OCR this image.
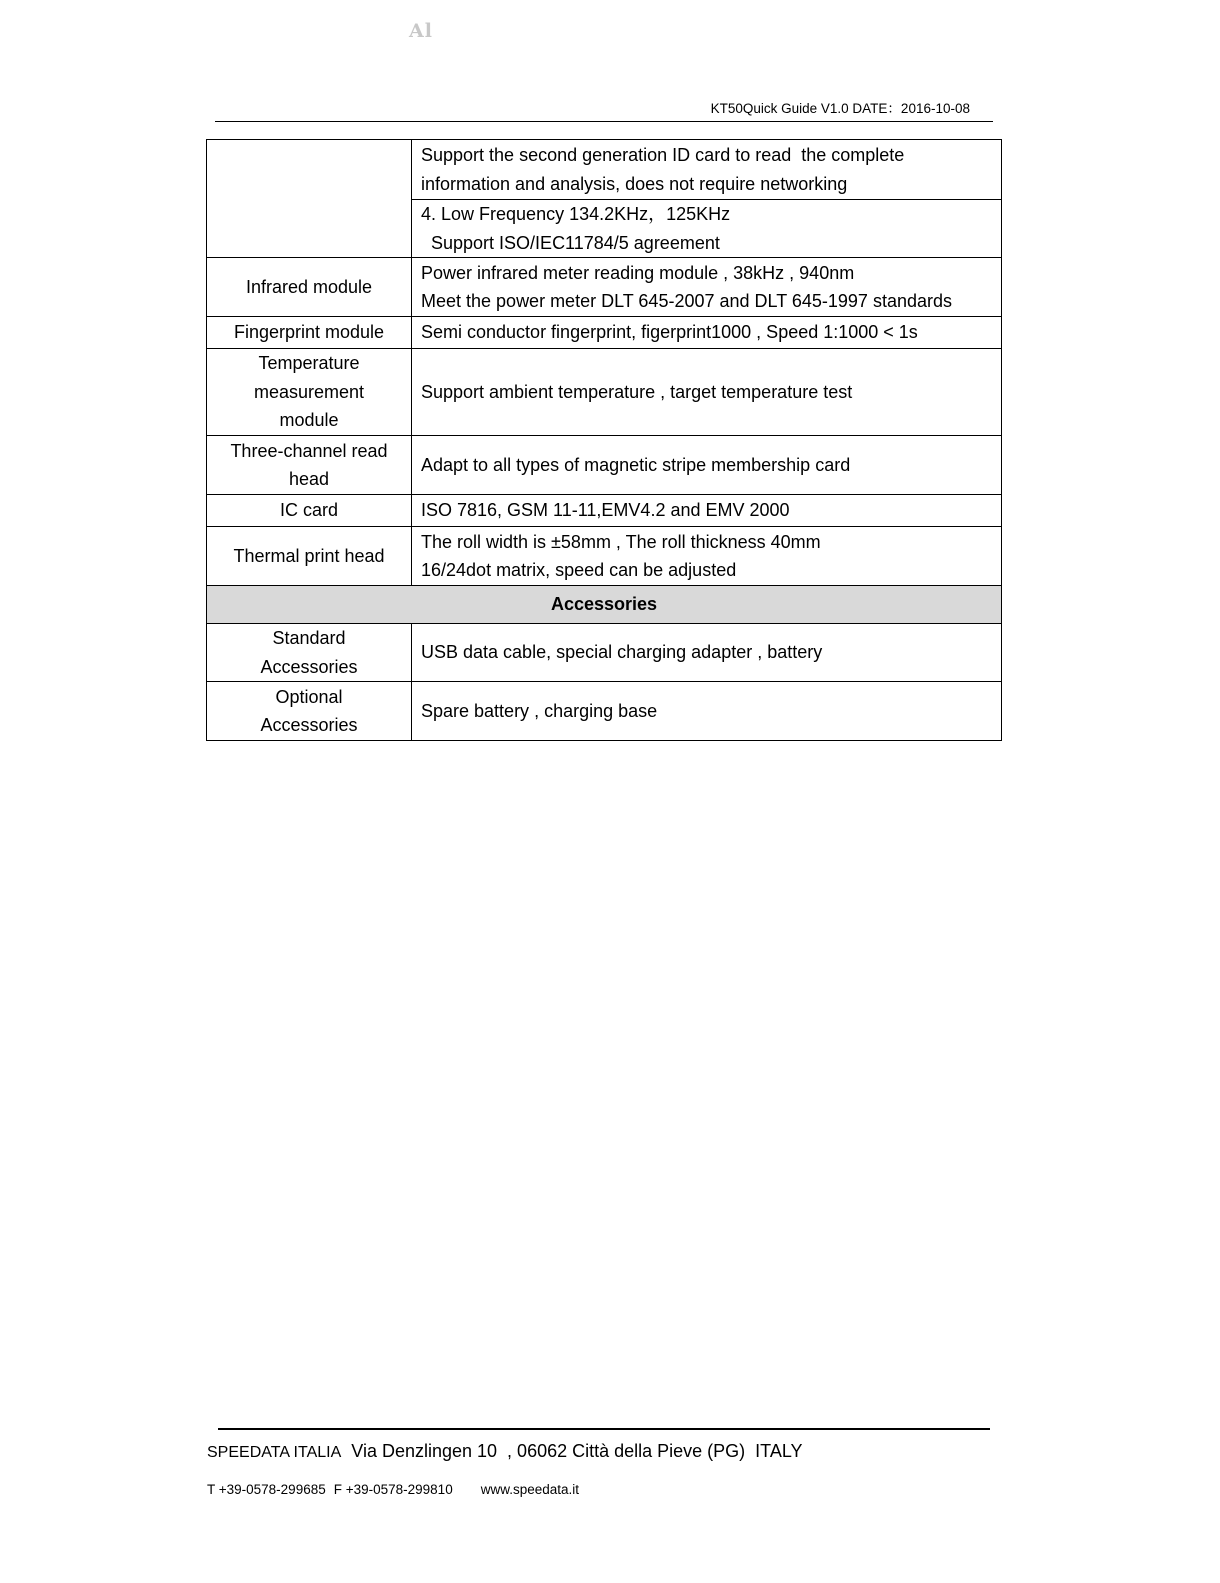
Al
KT50Quick Guide V1.0 DATE：2016-10-08

	Support the second generation ID card to read  the complete
information and analysis, does not require networking

	4. Low Frequency 134.2KHz，125KHz
Support ISO/IEC11784/5 agreement

Infrared module	Power infrared meter reading module , 38kHz , 940nm
Meet the power meter DLT 645-2007 and DLT 645-1997 standards

Fingerprint module	Semi conductor fingerprint, figerprint1000 , Speed 1:1000 < 1s

Temperature measurement module	Support ambient temperature , target temperature test

Three-channel read head	Adapt to all types of magnetic stripe membership card

IC card	ISO 7816, GSM 11-11,EMV4.2 and EMV 2000

Thermal print head	The roll width is ±58mm , The roll thickness 40mm
16/24dot matrix, speed can be adjusted

Accessories	
Standard Accessories	USB data cable, special charging adapter , battery
Optional Accessories	Spare battery , charging base
SPEEDATA ITALIA Via Denzlingen 10  , 06062 Città della Pieve (PG)  ITALY
T +39-0578-299685 F +39-0578-299810 www.speedata.it
